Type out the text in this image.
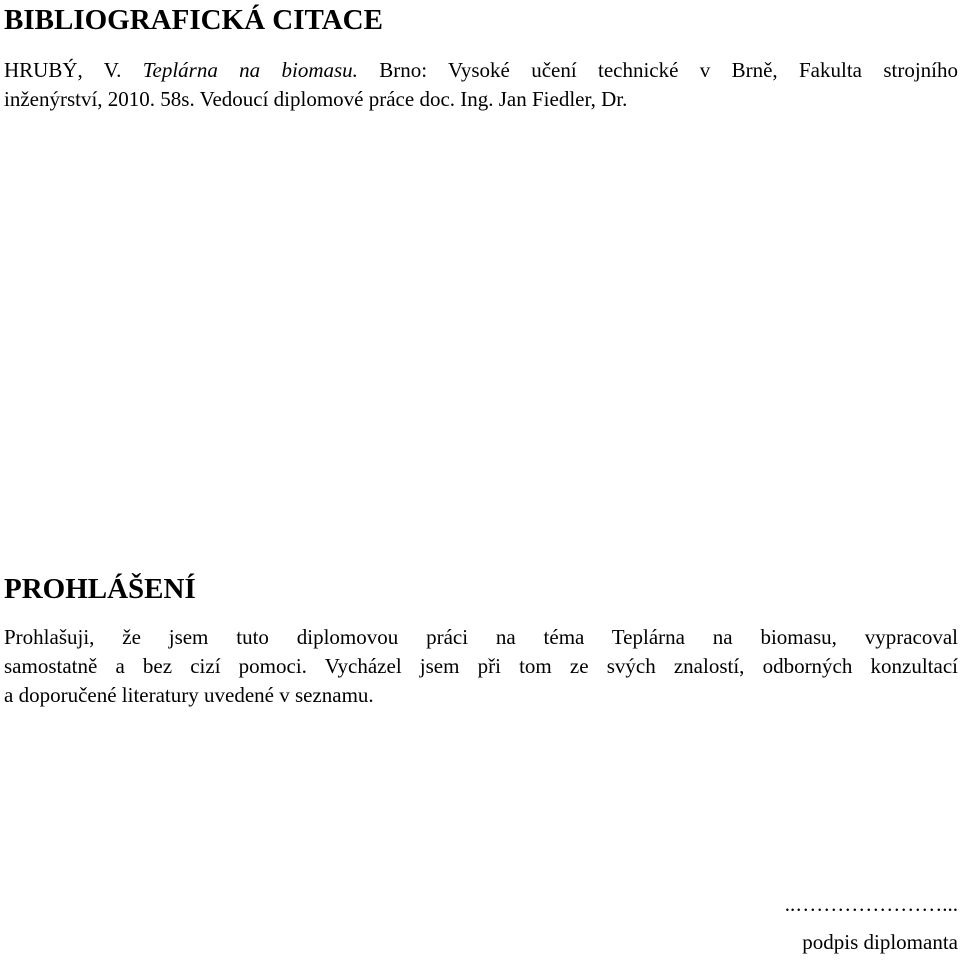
BIBLIOGRAFICKÁ CITACE
HRUBÝ, V. Teplárna na biomasu. Brno: Vysoké učení technické v Brně, Fakulta strojního
inženýrství, 2010. 58s. Vedoucí diplomové práce doc. Ing. Jan Fiedler, Dr.
PROHLÁŠENÍ
Prohlašuji, že jsem tuto diplomovou práci na téma Teplárna na biomasu, vypracoval
samostatně a bez cizí pomoci. Vycházel jsem při tom ze svých znalostí, odborných konzultací
a doporučené literatury uvedené v seznamu.
..…………………...
podpis diplomanta
